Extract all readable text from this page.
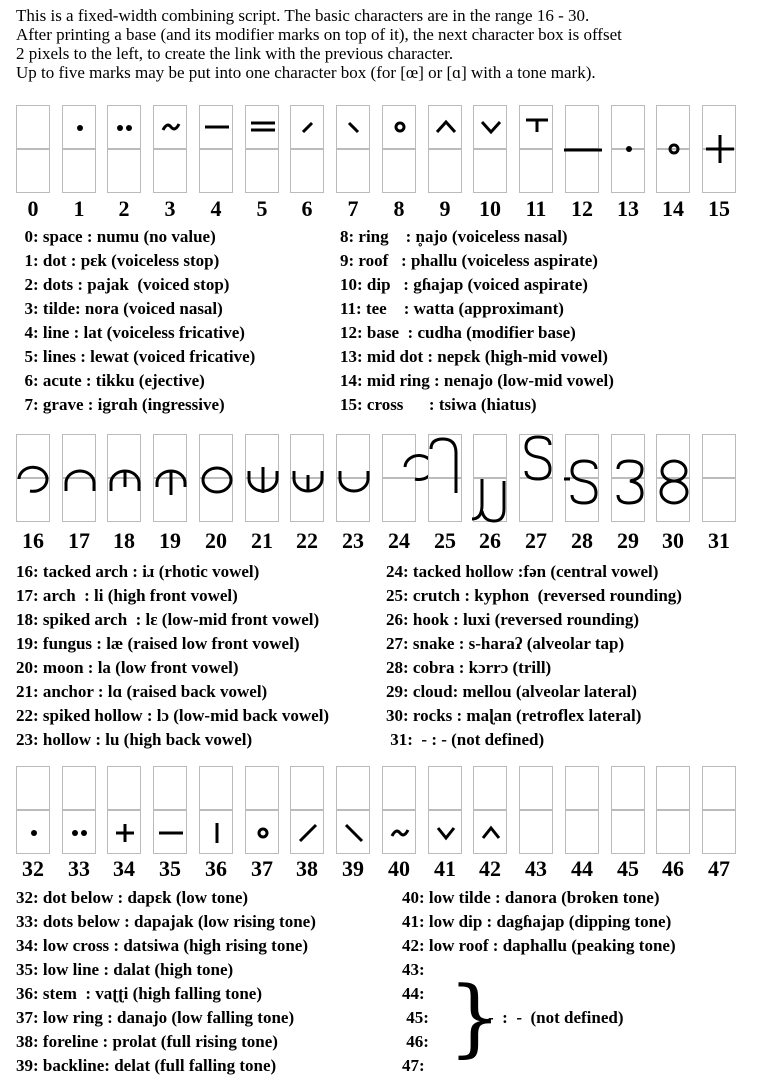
This is a fixed-width combining script. The basic characters are in the range 16 - 30.
After printing a base (and its modifier marks on top of it), the next character box is offset
2 pixels to the left, to create the link with the previous character.
Up to five marks may be put into one character box (for [œ] or [ɑ] with a tone mark).
0	1	2	3	4	5	6	7	8	9	10	11	12	13	14	15
0: space : numu (no value)
1: dot : pɛk (voiceless stop)
2: dots : pajak  (voiced stop)
3: tilde: nora (voiced nasal)
4: line : lat (voiceless fricative)
5: lines : lewat (voiced fricative)
6: acute : tikku (ejective)
7: grave : igrɑh (ingressive)
8: ring    : n̥ajo (voiceless nasal)
9: roof   : phallu (voiceless aspirate)
10: dip   : gɦajap (voiced aspirate)
11: tee    : watta (approximant)
12: base  : cudha (modifier base)
13: mid dot : nepɛk (high-mid vowel)
14: mid ring : nenajo (low-mid vowel)
15: cross      : tsiwa (hiatus)
16	17	18	19	20	21	22	23	24	25	26	27	28	29	30	31
16: tacked arch : iɹ (rhotic vowel)
17: arch  : li (high front vowel)
18: spiked arch  : lɛ (low-mid front vowel)
19: fungus : læ (raised low front vowel)
20: moon : la (low front vowel)
21: anchor : lɑ (raised back vowel)
22: spiked hollow : lɔ (low-mid back vowel)
23: hollow : lu (high back vowel)
24: tacked hollow :fən (central vowel)
25: crutch : kyphon  (reversed rounding)
26: hook : luxi (reversed rounding)
27: snake : s-haraʔ (alveolar tap)
28: cobra : kɔrrɔ (trill)
29: cloud: mellou (alveolar lateral)
30: rocks : maɭan (retroflex lateral)
31:  - : - (not defined)
32	33	34	35	36	37	38	39	40	41	42	43	44	45	46	47
32: dot below : dapɛk (low tone)
33: dots below : dapajak (low rising tone)
34: low cross : datsiwa (high rising tone)
35: low line : dalat (high tone)
36: stem  : vaʈʈi (high falling tone)
37: low ring : danajo (low falling tone)
38: foreline : prolat (full rising tone)
39: backline: delat (full falling tone)
40: low tilde : danora (broken tone)
41: low dip : dagɦajap (dipping tone)
42: low roof : daphallu (peaking tone)
43:
44:
45:
46:
47: }
-  :  -  (not defined)
